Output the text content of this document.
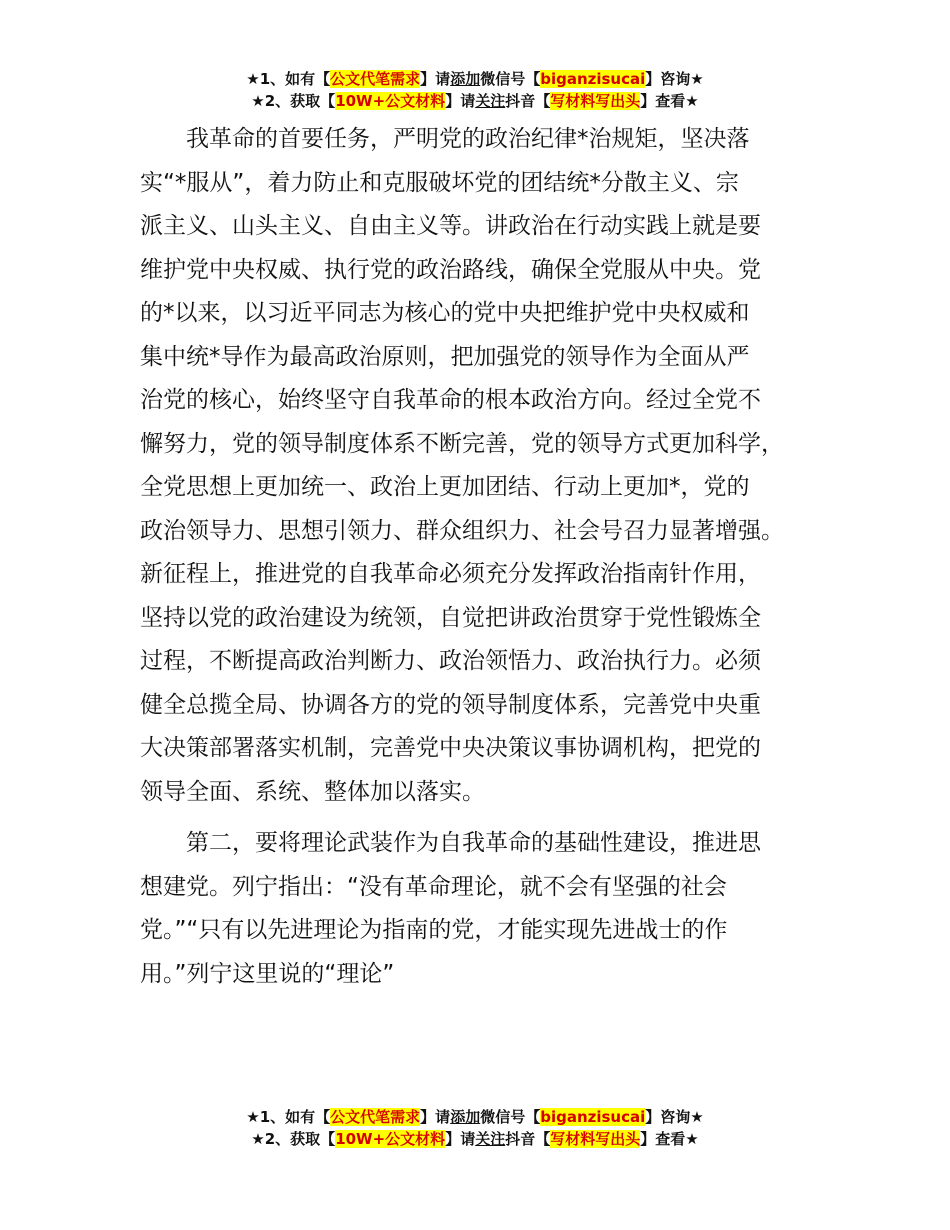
★1、如有【公文代笔需求】请添加微信号【biganzisucai】咨询★
★2、获取【10W+公文材料】请关注抖音【写材料写出头】查看★

我革命的首要任务，严明党的政治纪律*治规矩，坚决落
实“*服从”，着力防止和克服破坏党的团结统*分散主义、宗
派主义、山头主义、自由主义等。讲政治在行动实践上就是要
维护党中央权威、执行党的政治路线，确保全党服从中央。党
的*以来，以习近平同志为核心的党中央把维护党中央权威和
集中统*导作为最高政治原则，把加强党的领导作为全面从严
治党的核心，始终坚守自我革命的根本政治方向。经过全党不
懈努力，党的领导制度体系不断完善，党的领导方式更加科学，
全党思想上更加统一、政治上更加团结、行动上更加*，党的
政治领导力、思想引领力、群众组织力、社会号召力显著增强。
新征程上，推进党的自我革命必须充分发挥政治指南针作用，
坚持以党的政治建设为统领，自觉把讲政治贯穿于党性锻炼全
过程，不断提高政治判断力、政治领悟力、政治执行力。必须
健全总揽全局、协调各方的党的领导制度体系，完善党中央重
大决策部署落实机制，完善党中央决策议事协调机构，把党的
领导全面、系统、整体加以落实。

第二，要将理论武装作为自我革命的基础性建设，推进思
想建党。列宁指出：“没有革命理论，就不会有坚强的社会
党。”“只有以先进理论为指南的党，才能实现先进战士的作
用。”列宁这里说的“理论”

★1、如有【公文代笔需求】请添加微信号【biganzisucai】咨询★
★2、获取【10W+公文材料】请关注抖音【写材料写出头】查看★
